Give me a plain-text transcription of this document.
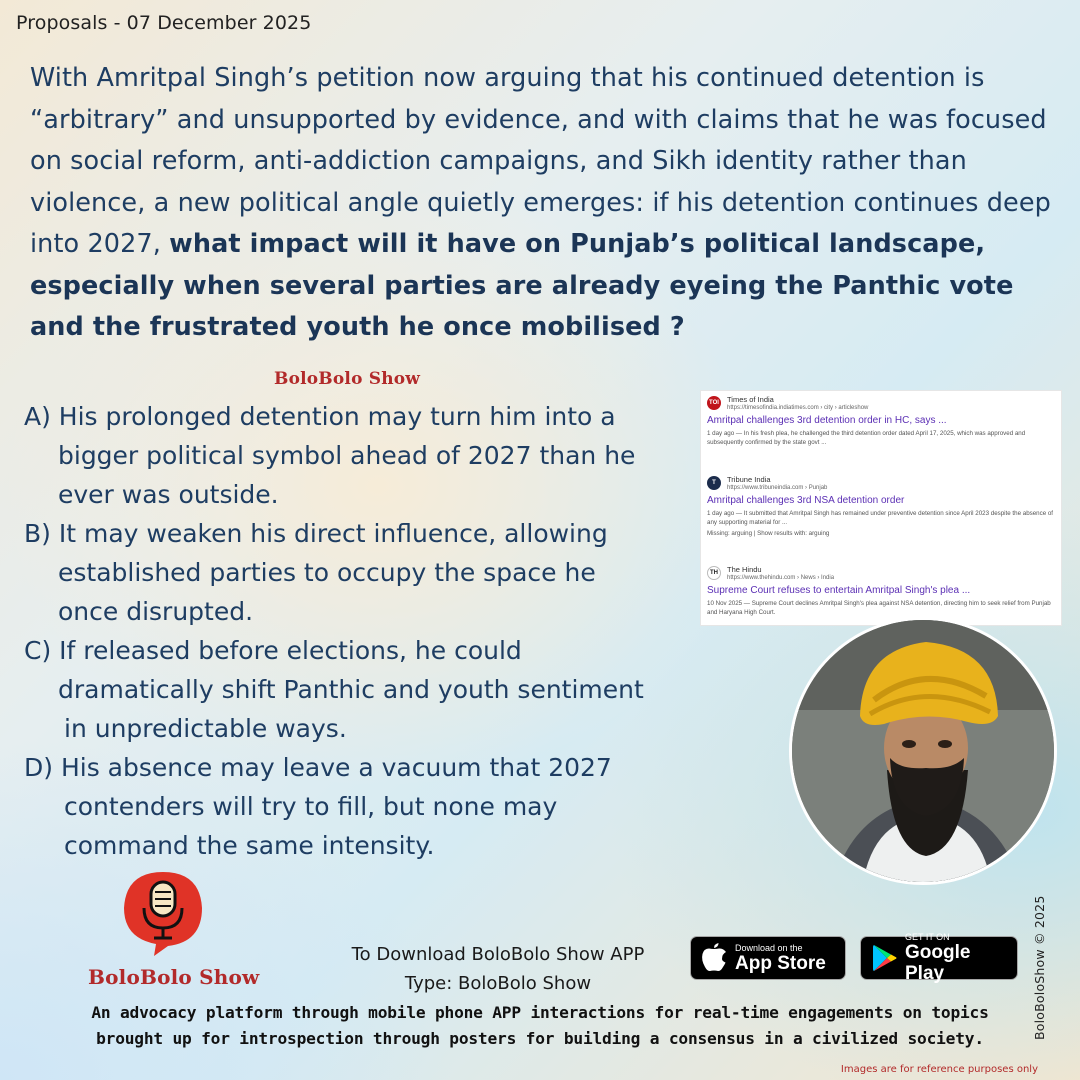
Proposals - 07 December 2025
With Amritpal Singh’s petition now arguing that his continued detention is “arbitrary” and unsupported by evidence, and with claims that he was focused on social reform, anti-addiction campaigns, and Sikh identity rather than violence, a new political angle quietly emerges: if his detention continues deep into 2027, what impact will it have on Punjab’s political landscape, especially when several parties are already eyeing the Panthic vote and the frustrated youth he once mobilised ?
BoloBolo Show
A) His prolonged detention may turn him into a
bigger political symbol ahead of 2027 than he
ever was outside.
B) It may weaken his direct influence, allowing
established parties to occupy the space he
once disrupted.
C) If released before elections, he could
dramatically shift Panthic and youth sentiment
in unpredictable ways.
D) His absence may leave a vacuum that 2027
contenders will try to fill, but none may
command the same intensity.
TOI Times of India
https://timesofindia.indiatimes.com › city › articleshow
Amritpal challenges 3rd detention order in HC, says ...
1 day ago — In his fresh plea, he challenged the third detention order dated April 17, 2025, which was approved and subsequently confirmed by the state govt ...
T	Tribune India
https://www.tribuneindia.com › Punjab
Amritpal challenges 3rd NSA detention order
1 day ago — It submitted that Amritpal Singh has remained under preventive detention since April 2023 despite the absence of any supporting material for ...
Missing: arguing | Show results with: arguing
TH	The Hindu
https://www.thehindu.com › News › India
Supreme Court refuses to entertain Amritpal Singh's plea ...
10 Nov 2025 — Supreme Court declines Amritpal Singh's plea against NSA detention, directing him to seek relief from Punjab and Haryana High Court.
BoloBolo Show
To Download BoloBolo Show APP
Type: BoloBolo Show
Download on the
App Store
GET IT ON
Google Play
An advocacy platform through mobile phone APP interactions for real-time engagements on topics
brought up for introspection through posters for building a consensus in a civilized society.
Images are for reference purposes only
BoloBoloShow © 2025
